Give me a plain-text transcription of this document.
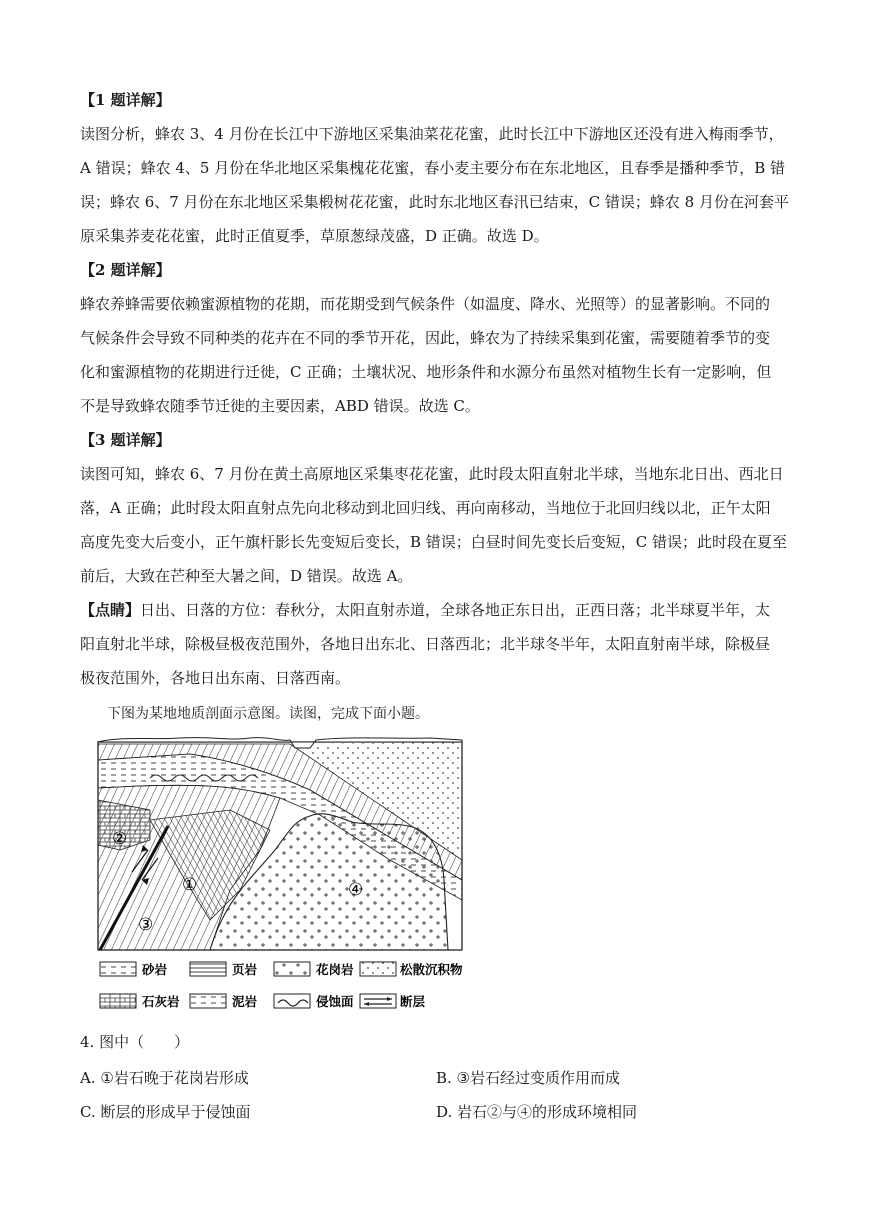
【1 题详解】
读图分析，蜂农 3、4 月份在长江中下游地区采集油菜花花蜜，此时长江中下游地区还没有进入梅雨季节，
A 错误；蜂农 4、5 月份在华北地区采集槐花花蜜，春小麦主要分布在东北地区，且春季是播种季节，B 错
误；蜂农 6、7 月份在东北地区采集椴树花花蜜，此时东北地区春汛已结束，C 错误；蜂农 8 月份在河套平
原采集荞麦花花蜜，此时正值夏季，草原葱绿茂盛，D 正确。故选 D。
【2 题详解】
蜂农养蜂需要依赖蜜源植物的花期，而花期受到气候条件（如温度、降水、光照等）的显著影响。不同的
气候条件会导致不同种类的花卉在不同的季节开花，因此，蜂农为了持续采集到花蜜，需要随着季节的变
化和蜜源植物的花期进行迁徙，C 正确；土壤状况、地形条件和水源分布虽然对植物生长有一定影响，但
不是导致蜂农随季节迁徙的主要因素，ABD 错误。故选 C。
【3 题详解】
读图可知，蜂农 6、7 月份在黄土高原地区采集枣花花蜜，此时段太阳直射北半球，当地东北日出、西北日
落，A 正确；此时段太阳直射点先向北移动到北回归线、再向南移动，当地位于北回归线以北，正午太阳
高度先变大后变小，正午旗杆影长先变短后变长，B 错误；白昼时间先变长后变短，C 错误；此时段在夏至
前后，大致在芒种至大暑之间，D 错误。故选 A。
【点睛】日出、日落的方位：春秋分，太阳直射赤道，全球各地正东日出，正西日落；北半球夏半年，太
阳直射北半球，除极昼极夜范围外，各地日出东北、日落西北；北半球冬半年，太阳直射南半球，除极昼
极夜范围外，各地日出东南、日落西南。
下图为某地地质剖面示意图。读图，完成下面小题。
②
①
③
④
砂岩	页岩	花岗岩	松散沉积物
石灰岩	泥岩	侵蚀面	断层
4. 图中（　　）
A. ①岩石晚于花岗岩形成	B. ③岩石经过变质作用而成
C. 断层的形成早于侵蚀面	D. 岩石②与④的形成环境相同
